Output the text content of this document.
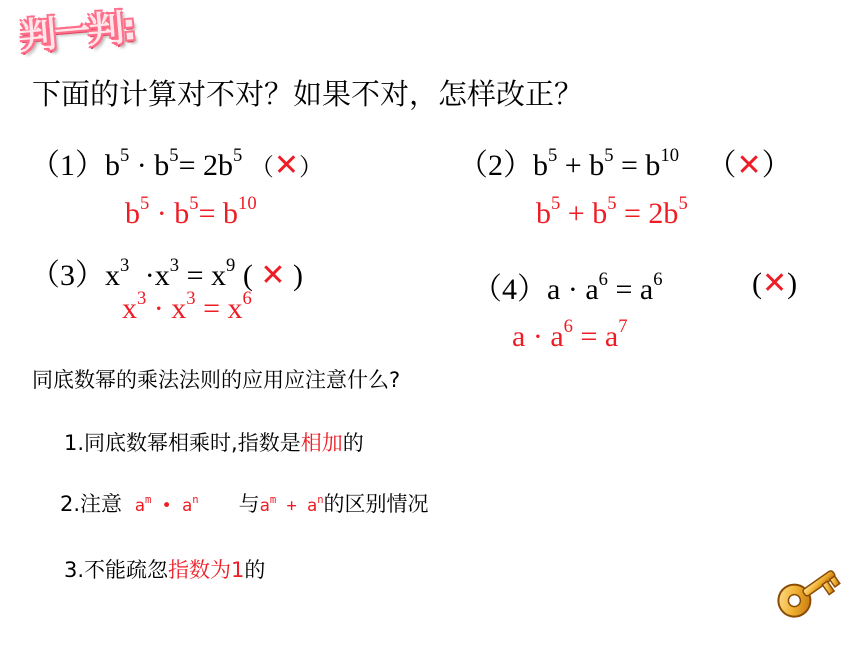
判一判:
下面的计算对不对？如果不对，怎样改正？
$(1)b^5 \cdot b^5= 2b^5$ （✕）
$b^5 \cdot b^5= b^{10}$
$(2)b^5 + b^5 = b^{10}$ （✕）
$b^5 + b^5 = 2b^5$
$(3)x^3 \cdot x^3 = x^9$ ( ✕ )
$x^3 \cdot x^3 = x^6$	$(4)a \cdot a^6 = a^6$	(✕)
$a \cdot a^6 = a^7$
同底数幂的乘法法则的应用应注意什么?
1.同底数幂相乘时,指数是相加的
2.注意 $a^m$ • $a^n$ 与$a^m + a^n$的区别情况
3.不能疏忽指数为1的
